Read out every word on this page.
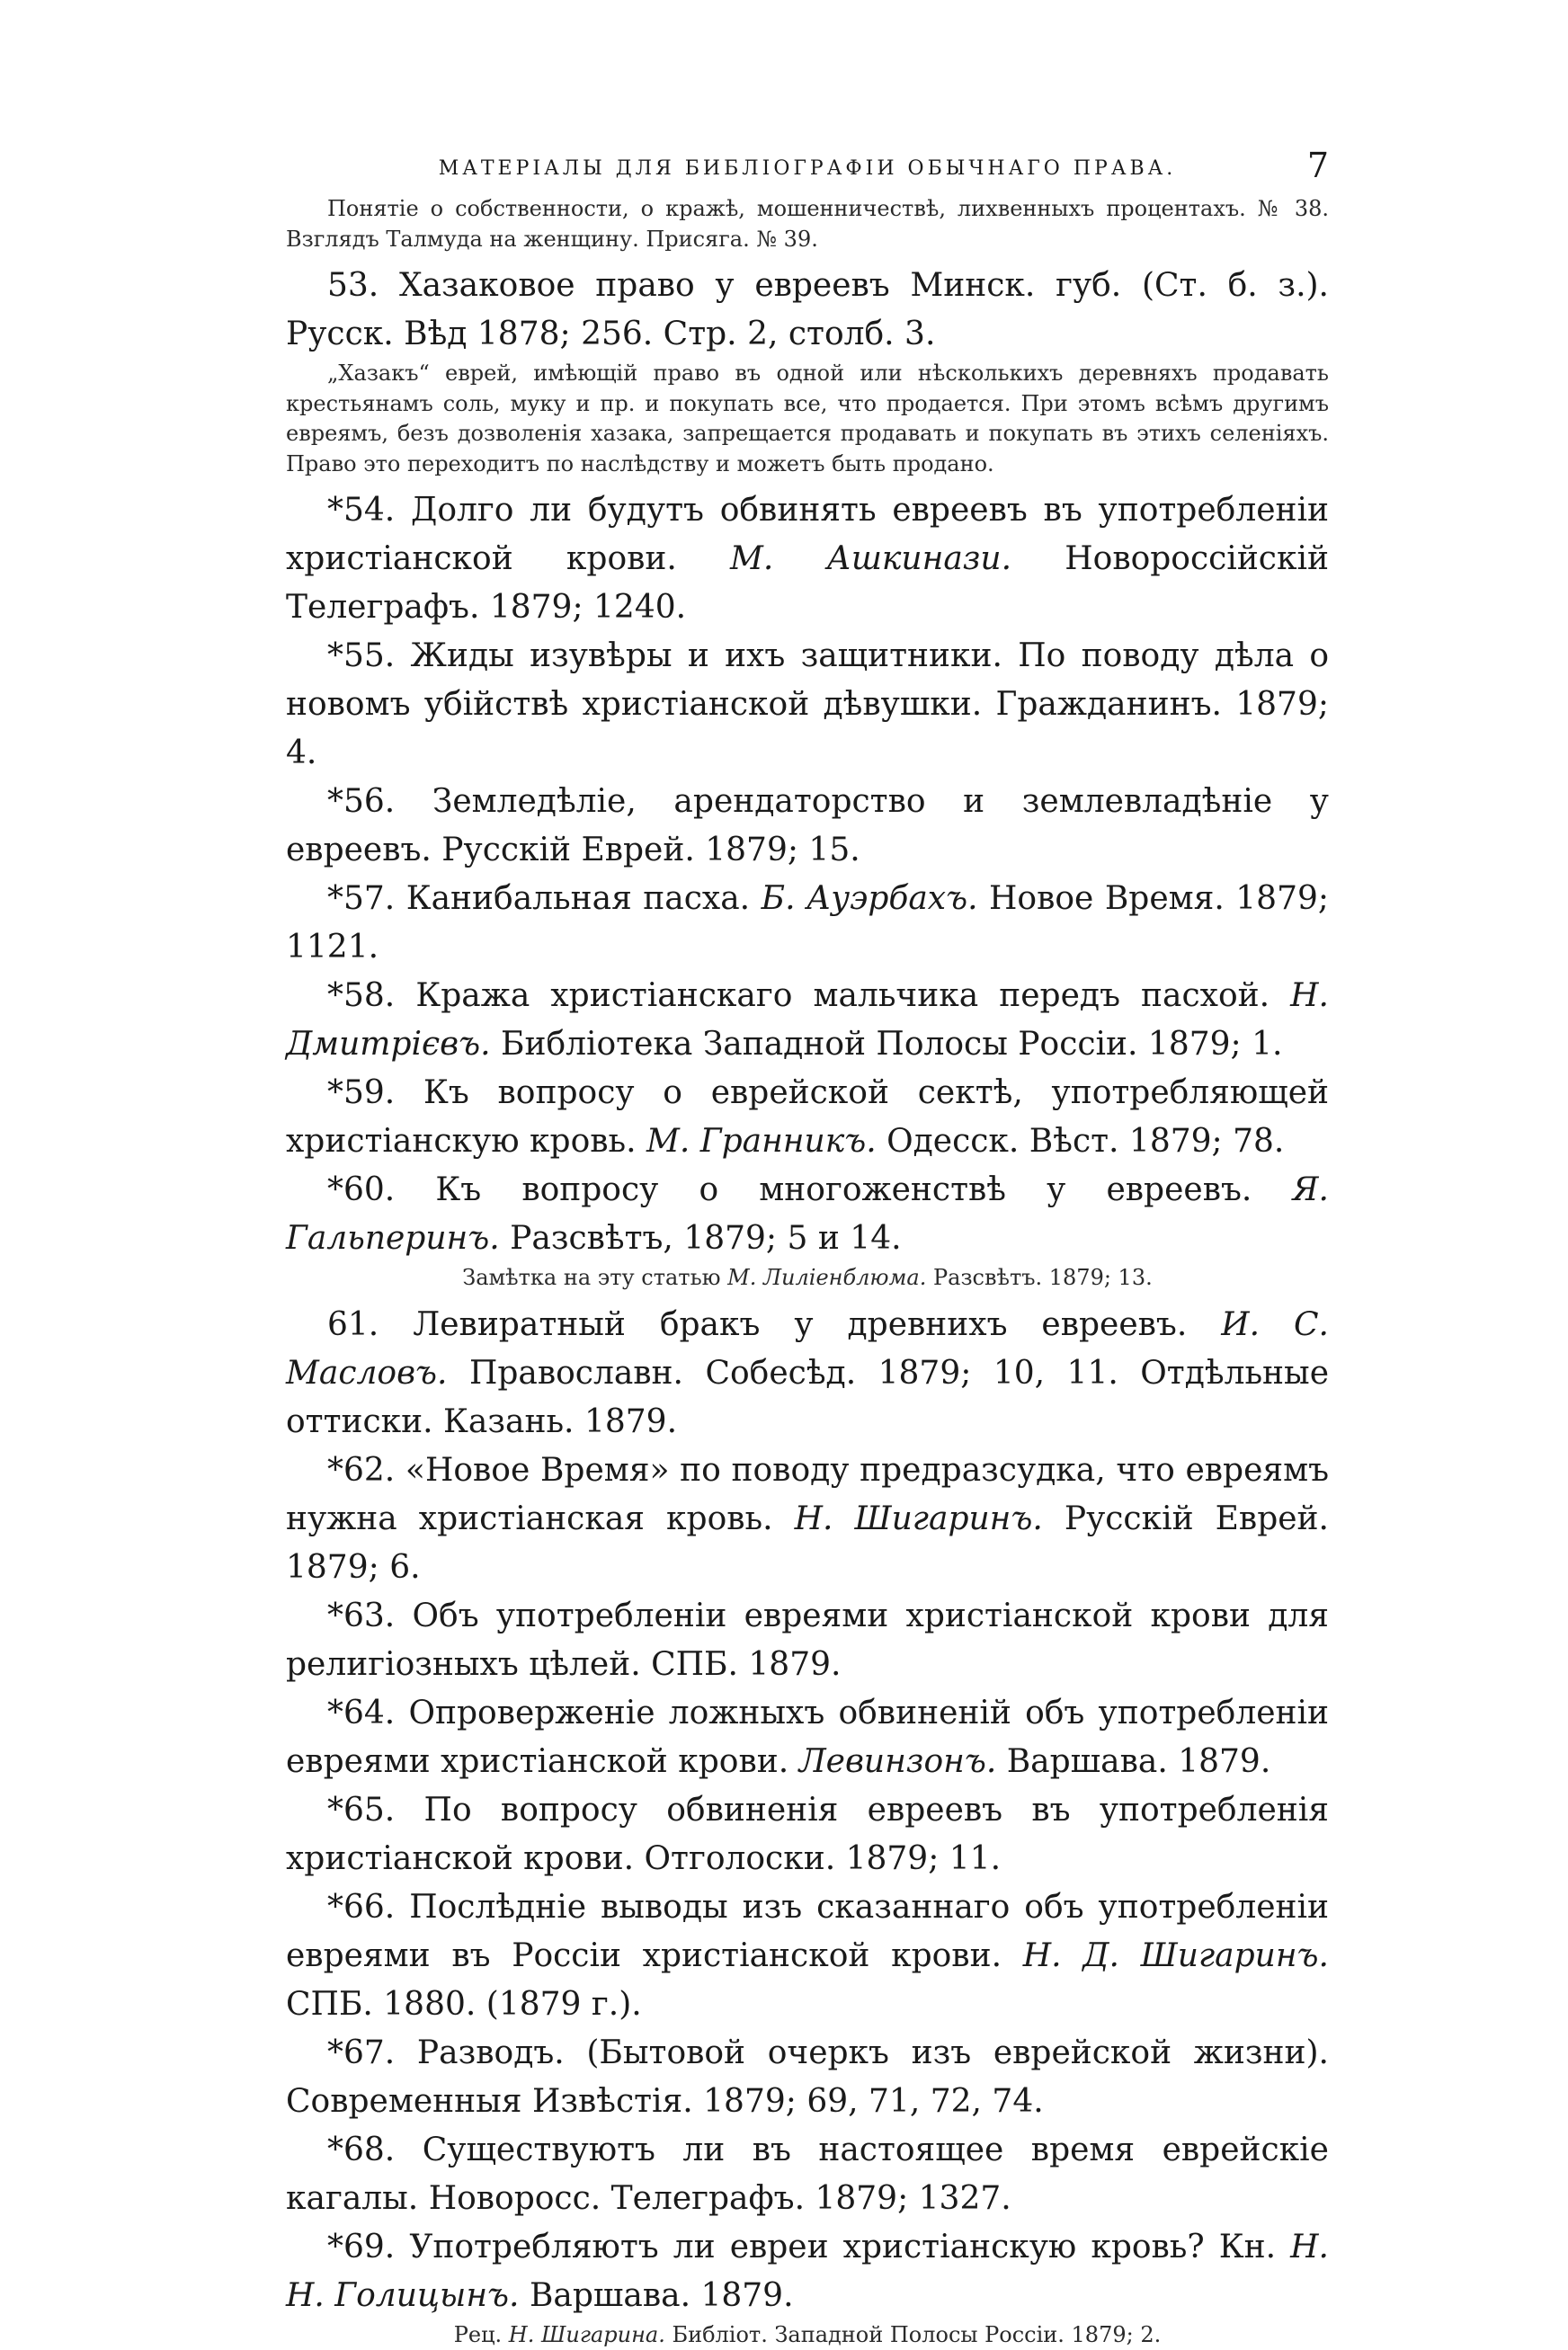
МАТЕРІАЛЫ ДЛЯ БИБЛІОГРАФІИ ОБЫЧНАГО ПРАВА.	7

Понятіе о собственности, о кражѣ, мошенничествѣ, лихвенныхъ процентахъ. № 38. Взглядъ Талмуда на женщину. Присяга. № 39.

53. Хазаковое право у евреевъ Минск. губ. (Ст. б. з.). Русск. Вѣд 1878; 256. Стр. 2, столб. 3.

„Хазакъ“ еврей, имѣющій право въ одной или нѣсколькихъ деревняхъ продавать крестьянамъ соль, муку и пр. и покупать все, что продается. При этомъ всѣмъ другимъ евреямъ, безъ дозволенія хазака, запрещается продавать и покупать въ этихъ селеніяхъ. Право это переходитъ по наслѣдству и можетъ быть продано.

*54. Долго ли будутъ обвинять евреевъ въ употребленіи христіанской крови. М. Ашкинази. Новороссійскій Телеграфъ. 1879; 1240.

*55. Жиды изувѣры и ихъ защитники. По поводу дѣла о новомъ убійствѣ христіанской дѣвушки. Гражданинъ. 1879; 4.

*56. Земледѣліе, арендаторство и землевладѣніе у евреевъ. Русскій Еврей. 1879; 15.

*57. Канибальная пасха. Б. Ауэрбахъ. Новое Время. 1879; 1121.

*58. Кража христіанскаго мальчика передъ пасхой. Н. Дмитрієвъ. Библіотека Западной Полосы Россіи. 1879; 1.

*59. Къ вопросу о еврейской сектѣ, употребляющей христіанскую кровь. М. Гранникъ. Одесск. Вѣст. 1879; 78.

*60. Къ вопросу о многоженствѣ у евреевъ. Я. Гальперинъ. Разсвѣтъ, 1879; 5 и 14.

Замѣтка на эту статью М. Лиліенблюма. Разсвѣтъ. 1879; 13.

61. Левиратный бракъ у древнихъ евреевъ. И. С. Масловъ. Православн. Собесѣд. 1879; 10, 11. Отдѣльные оттиски. Казань. 1879.

*62. «Новое Время» по поводу предразсудка, что евреямъ нужна христіанская кровь. Н. Шигаринъ. Русскій Еврей. 1879; 6.

*63. Объ употребленіи евреями христіанской крови для религіозныхъ цѣлей. СПБ. 1879.

*64. Опроверженіе ложныхъ обвиненій объ употребленіи евреями христіанской крови. Левинзонъ. Варшава. 1879.

*65. По вопросу обвиненія евреевъ въ употребленія христіанской крови. Отголоски. 1879; 11.

*66. Послѣдніе выводы изъ сказаннаго объ употребленіи евреями въ Россіи христіанской крови. Н. Д. Шигаринъ. СПБ. 1880. (1879 г.).

*67. Разводъ. (Бытовой очеркъ изъ еврейской жизни). Современныя Извѣстія. 1879; 69, 71, 72, 74.

*68. Существуютъ ли въ настоящее время еврейскіе кагалы. Новоросс. Телеграфъ. 1879; 1327.

*69. Употребляютъ ли евреи христіанскую кровь? Кн. Н. Н. Голицынъ. Варшава. 1879.

Рец. Н. Шигарина. Библіот. Западной Полосы Россіи. 1879; 2.
